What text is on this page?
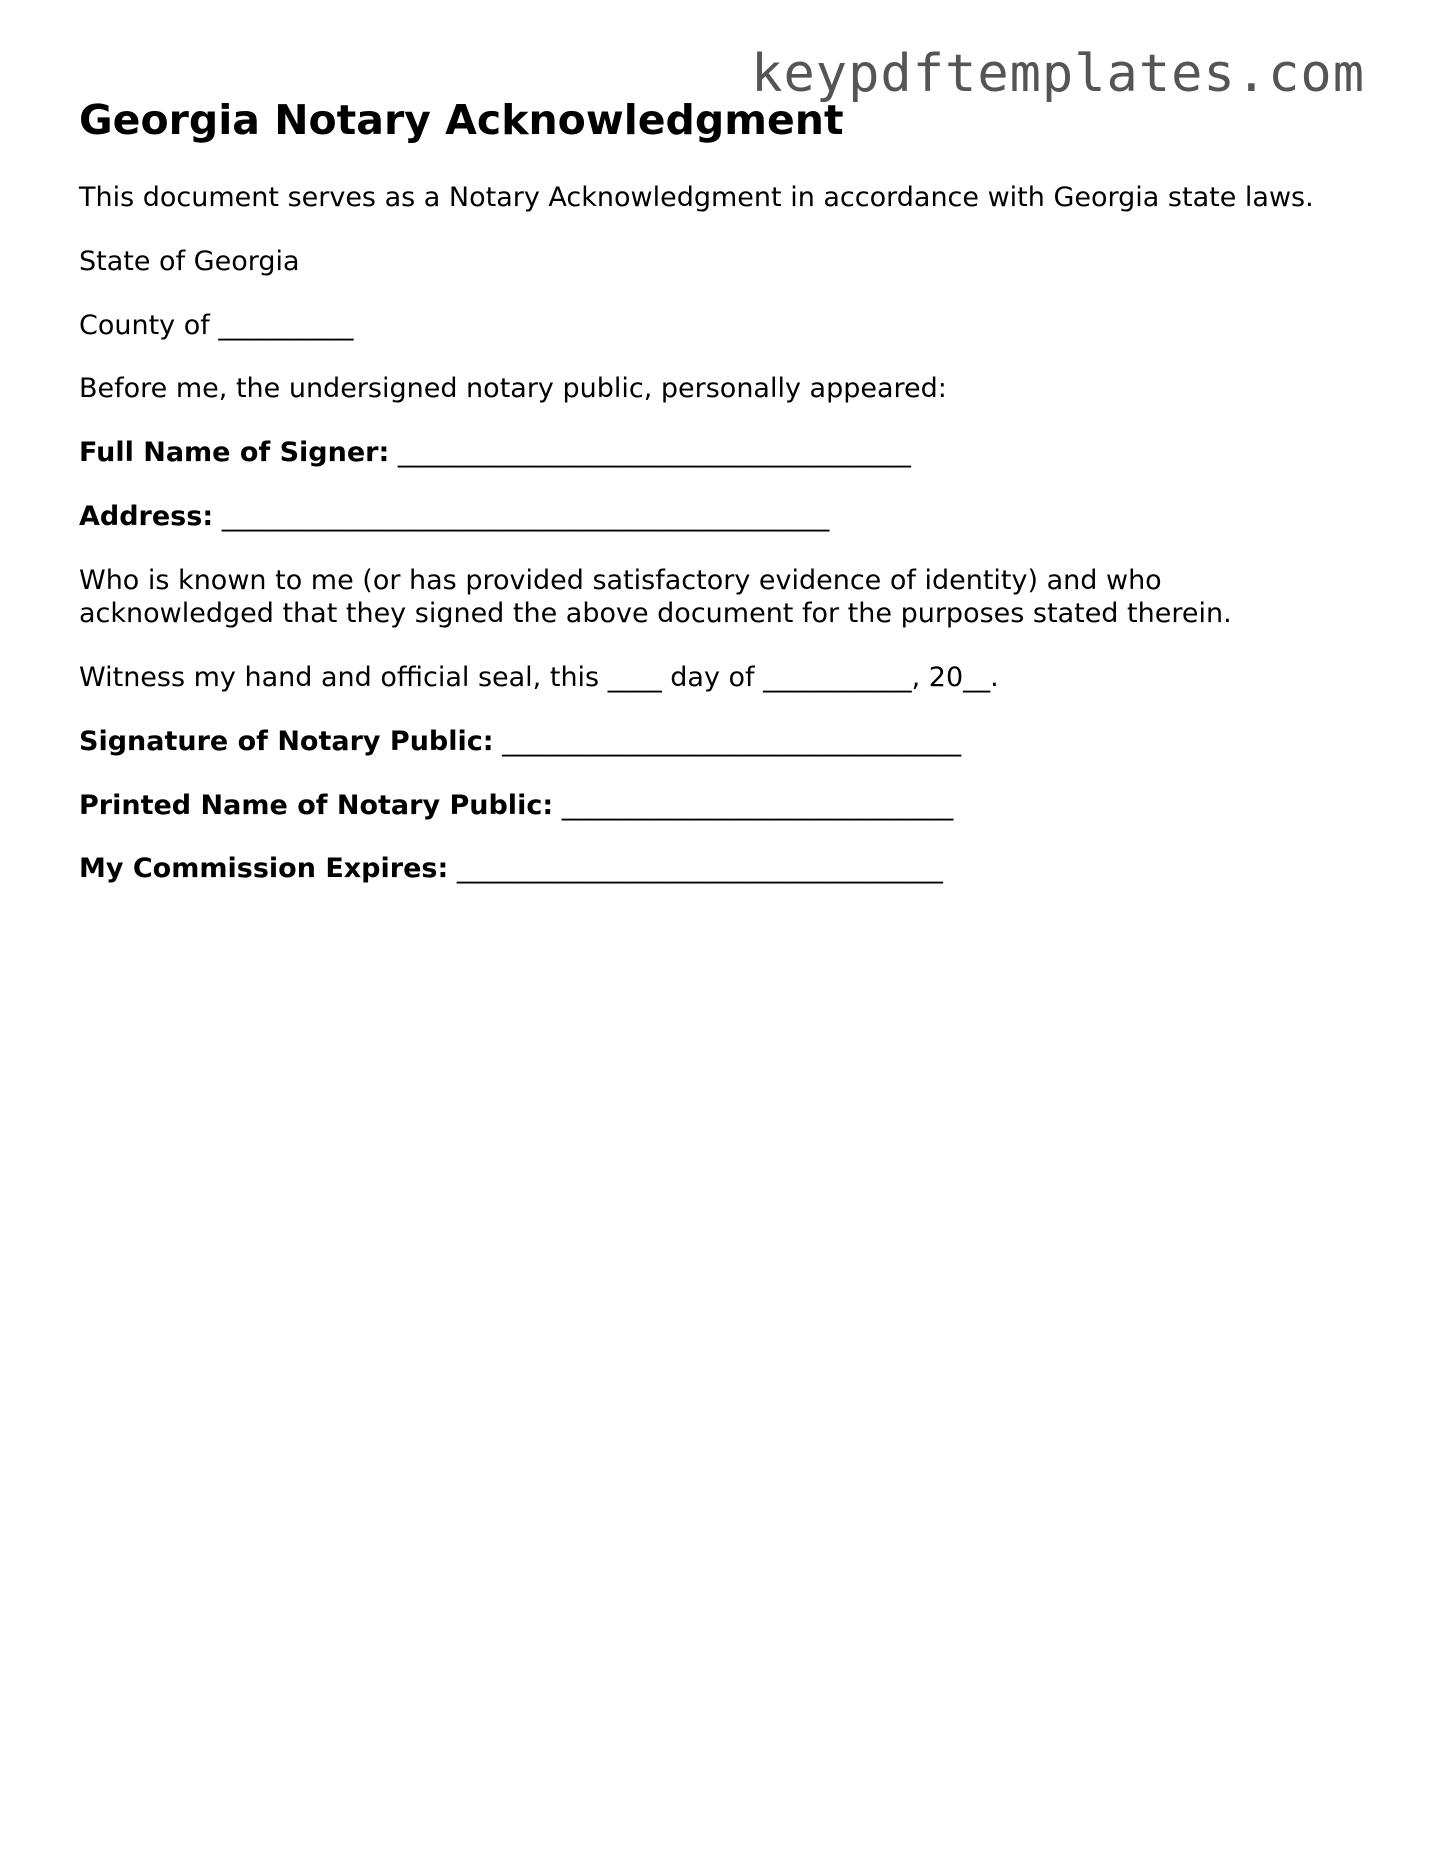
keypdftemplates.com
Georgia Notary Acknowledgment

This document serves as a Notary Acknowledgment in accordance with Georgia state laws.

State of Georgia

County of __________

Before me, the undersigned notary public, personally appeared:

Full Name of Signer: ______________________________________

Address: _____________________________________________

Who is known to me (or has provided satisfactory evidence of identity) and who acknowledged that they signed the above document for the purposes stated therein.

Witness my hand and official seal, this ____ day of ___________, 20__.

Signature of Notary Public: __________________________________

Printed Name of Notary Public: _____________________________

My Commission Expires: ____________________________________
